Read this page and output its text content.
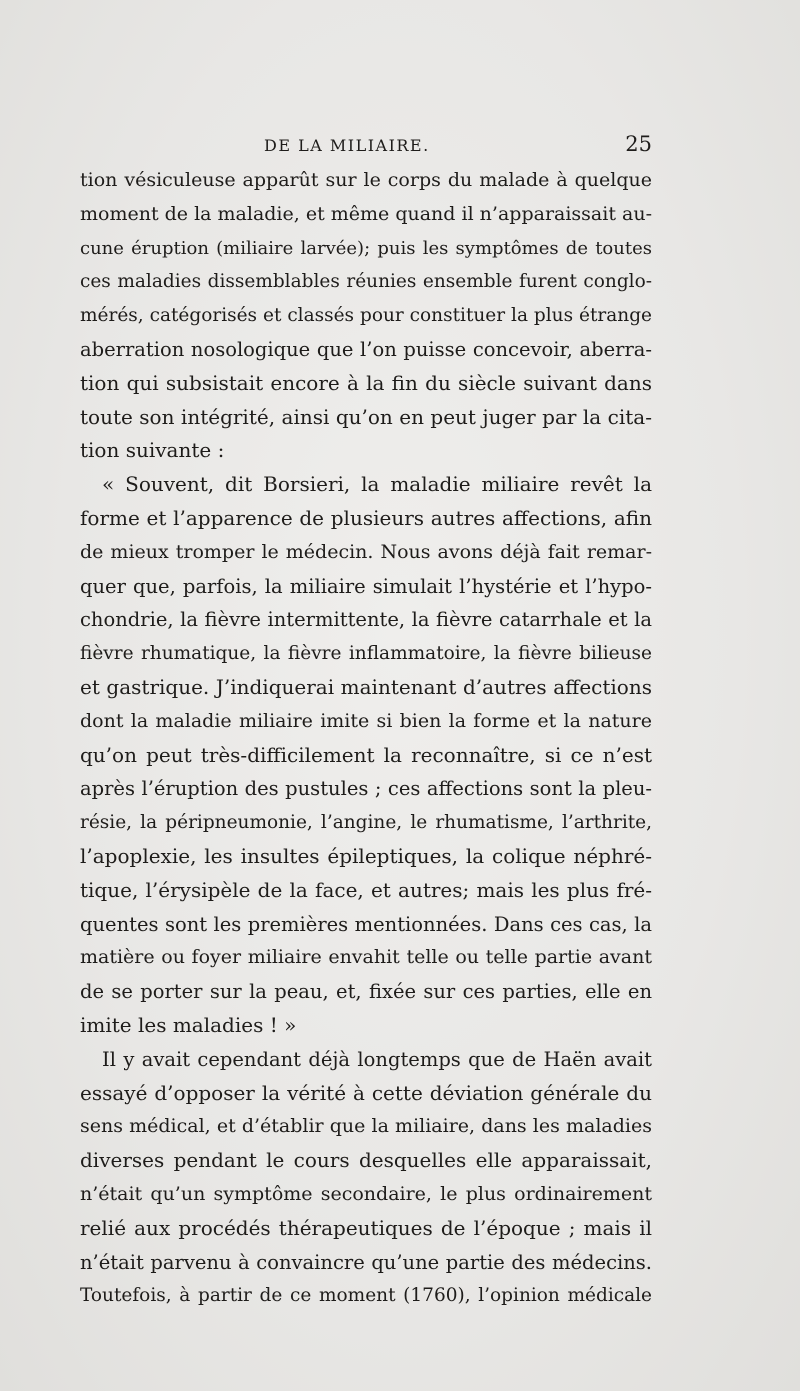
DE LA MILIAIRE.	25
tion vésiculeuse apparût sur le corps du malade à quelque
moment de la maladie, et même quand il n’apparaissait au-
cune éruption (miliaire larvée); puis les symptômes de toutes
ces maladies dissemblables réunies ensemble furent conglo-
mérés, catégorisés et classés pour constituer la plus étrange
aberration nosologique que l’on puisse concevoir, aberra-
tion qui subsistait encore à la fin du siècle suivant dans
toute son intégrité, ainsi qu’on en peut juger par la cita-
tion suivante :
« Souvent, dit Borsieri, la maladie miliaire revêt la
forme et l’apparence de plusieurs autres affections, afin
de mieux tromper le médecin. Nous avons déjà fait remar-
quer que, parfois, la miliaire simulait l’hystérie et l’hypo-
chondrie, la fièvre intermittente, la fièvre catarrhale et la
fièvre rhumatique, la fièvre inflammatoire, la fièvre bilieuse
et gastrique. J’indiquerai maintenant d’autres affections
dont la maladie miliaire imite si bien la forme et la nature
qu’on peut très-difficilement la reconnaître, si ce n’est
après l’éruption des pustules ; ces affections sont la pleu-
résie, la péripneumonie, l’angine, le rhumatisme, l’arthrite,
l’apoplexie, les insultes épileptiques, la colique néphré-
tique, l’érysipèle de la face, et autres; mais les plus fré-
quentes sont les premières mentionnées. Dans ces cas, la
matière ou foyer miliaire envahit telle ou telle partie avant
de se porter sur la peau, et, fixée sur ces parties, elle en
imite les maladies ! »
Il y avait cependant déjà longtemps que de Haën avait
essayé d’opposer la vérité à cette déviation générale du
sens médical, et d’établir que la miliaire, dans les maladies
diverses pendant le cours desquelles elle apparaissait,
n’était qu’un symptôme secondaire, le plus ordinairement
relié aux procédés thérapeutiques de l’époque ; mais il
n’était parvenu à convaincre qu’une partie des médecins.
Toutefois, à partir de ce moment (1760), l’opinion médicale
